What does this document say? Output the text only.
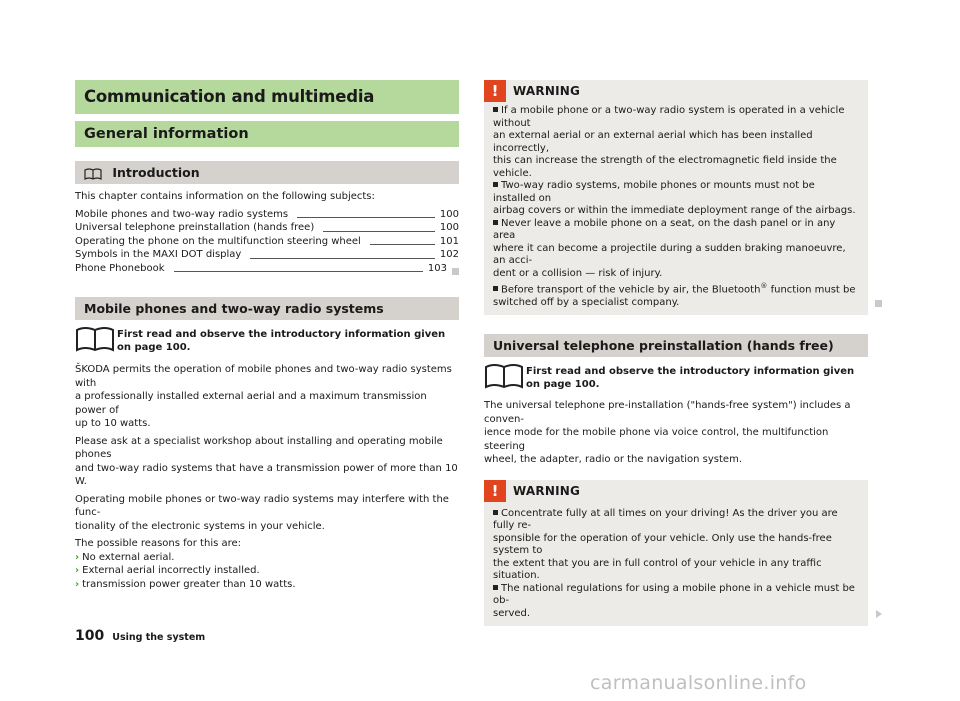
Communication and multimedia
General information
Introduction

This chapter contains information on the following subjects:

Mobile phones and two-way radio systems	100
Universal telephone preinstallation (hands free)	100
Operating the phone on the multifunction steering wheel	101
Symbols in the MAXI DOT display	102
Phone Phonebook	103
Mobile phones and two-way radio systems
First read and observe the introductory information given on page 100.

ŠKODA permits the operation of mobile phones and two-way radio systems with

a professionally installed external aerial and a maximum transmission power of

up to 10 watts.

Please ask at a specialist workshop about installing and operating mobile phones

and two-way radio systems that have a transmission power of more than 10 W.

Operating mobile phones or two-way radio systems may interfere with the func-

tionality of the electronic systems in your vehicle.

The possible reasons for this are:

› No external aerial.
› External aerial incorrectly installed.
› transmission power greater than 10 watts.
!	WARNING
If a mobile phone or a two-way radio system is operated in a vehicle without
an external aerial or an external aerial which has been installed incorrectly,
this can increase the strength of the electromagnetic field inside the vehicle.
Two-way radio systems, mobile phones or mounts must not be installed on
airbag covers or within the immediate deployment range of the airbags.
Never leave a mobile phone on a seat, on the dash panel or in any area
where it can become a projectile during a sudden braking manoeuvre, an acci-
dent or a collision — risk of injury.
Before transport of the vehicle by air, the Bluetooth® function must be
switched off by a specialist company.
Universal telephone preinstallation (hands free)
First read and observe the introductory information given on page 100.

The universal telephone pre-installation ("hands-free system") includes a conven-

ience mode for the mobile phone via voice control, the multifunction steering

wheel, the adapter, radio or the navigation system.

!	WARNING
Concentrate fully at all times on your driving! As the driver you are fully re-
sponsible for the operation of your vehicle. Only use the hands-free system to
the extent that you are in full control of your vehicle in any traffic situation.
The national regulations for using a mobile phone in a vehicle must be ob-
served.
100 Using the system
carmanualsonline.info
